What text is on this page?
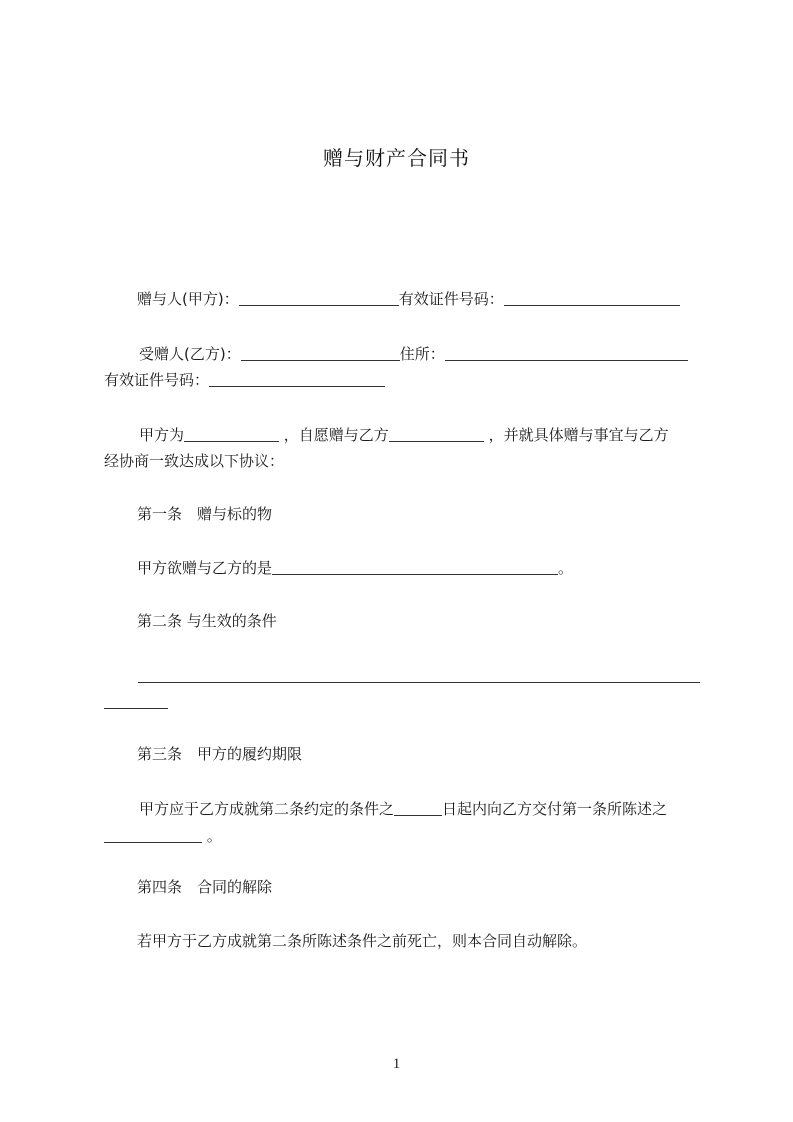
赠与财产合同书
赠与人(甲方)：	有效证件号码：
受赠人(乙方)：	住所：
有效证件号码：
甲方为	，自愿赠与乙方	，并就具体赠与事宜与乙方
经协商一致达成以下协议：
第一条　赠与标的物
甲方欲赠与乙方的是	。
第二条 与生效的条件
第三条　甲方的履约期限
甲方应于乙方成就第二条约定的条件之	日起内向乙方交付第一条所陈述之
。
第四条　合同的解除
若甲方于乙方成就第二条所陈述条件之前死亡，则本合同自动解除。
1
